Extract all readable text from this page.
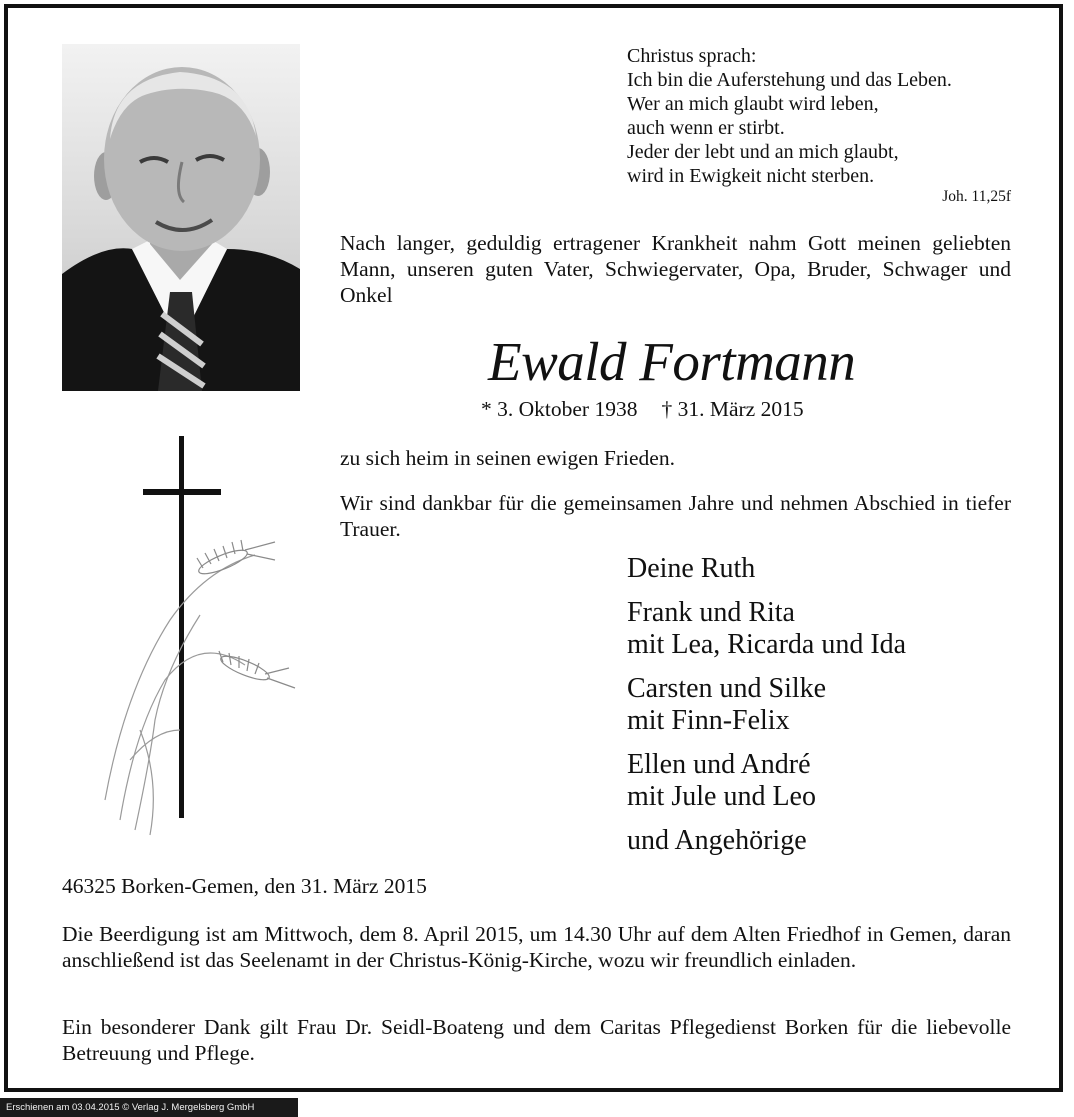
Christus sprach:
Ich bin die Auferstehung und das Leben.
Wer an mich glaubt wird leben,
auch wenn er stirbt.
Jeder der lebt und an mich glaubt,
wird in Ewigkeit nicht sterben.
Joh. 11,25f
Nach langer, geduldig ertragener Krankheit nahm Gott meinen geliebten Mann, unseren guten Vater, Schwiegervater, Opa, Bruder, Schwager und Onkel
Ewald Fortmann
* 3. Oktober 1938 † 31. März 2015
zu sich heim in seinen ewigen Frieden.
Wir sind dankbar für die gemeinsamen Jahre und nehmen Abschied in tiefer Trauer.
Deine Ruth
Frank und Rita
mit Lea, Ricarda und Ida
Carsten und Silke
mit Finn-Felix
Ellen und André
mit Jule und Leo
und Angehörige
46325 Borken-Gemen, den 31. März 2015
Die Beerdigung ist am Mittwoch, dem 8. April 2015, um 14.30 Uhr auf dem Alten Friedhof in Gemen, daran anschließend ist das Seelenamt in der Christus-König-Kirche, wozu wir freundlich einladen.
Ein besonderer Dank gilt Frau Dr. Seidl-Boateng und dem Caritas Pflegedienst Borken für die liebevolle Betreuung und Pflege.
Erschienen am 03.04.2015 © Verlag J. Mergelsberg GmbH
